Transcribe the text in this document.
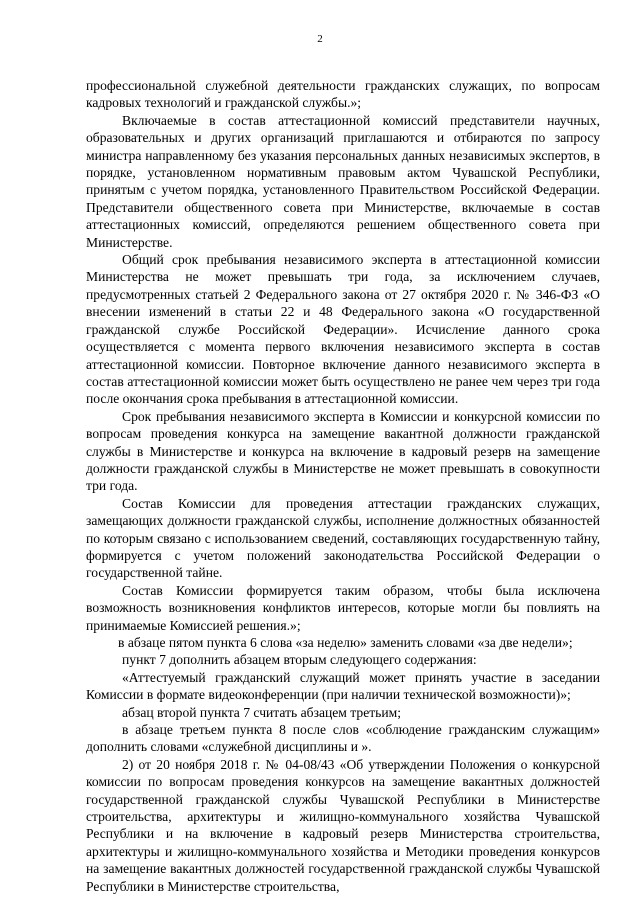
2

профессиональной служебной деятельности гражданских служащих, по вопросам кадровых технологий и гражданской службы.»;

Включаемые в состав аттестационной комиссий представители научных, образовательных и других организаций приглашаются и отбираются по запросу министра направленному без указания персональных данных независимых экспертов, в порядке, установленном нормативным правовым актом Чувашской Республики, принятым с учетом порядка, установленного Правительством Российской Федерации. Представители общественного совета при Министерстве, включаемые в состав аттестационных комиссий, определяются решением общественного совета при Министерстве.

Общий срок пребывания независимого эксперта в аттестационной комиссии Министерства не может превышать три года, за исключением случаев, предусмотренных статьей 2 Федерального закона от 27 октября 2020 г. № 346-ФЗ «О внесении изменений в статьи 22 и 48 Федерального закона «О государственной гражданской службе Российской Федерации». Исчисление данного срока осуществляется с момента первого включения независимого эксперта в состав аттестационной комиссии. Повторное включение данного независимого эксперта в состав аттестационной комиссии может быть осуществлено не ранее чем через три года после окончания срока пребывания в аттестационной комиссии.

Срок пребывания независимого эксперта в Комиссии и конкурсной комиссии по вопросам проведения конкурса на замещение вакантной должности гражданской службы в Министерстве и конкурса на включение в кадровый резерв на замещение должности гражданской службы в Министерстве не может превышать в совокупности три года.

Состав Комиссии для проведения аттестации гражданских служащих, замещающих должности гражданской службы, исполнение должностных обязанностей по которым связано с использованием сведений, составляющих государственную тайну, формируется с учетом положений законодательства Российской Федерации о государственной тайне.

Состав Комиссии формируется таким образом, чтобы была исключена возможность возникновения конфликтов интересов, которые могли бы повлиять на принимаемые Комиссией решения.»;

в абзаце пятом пункта 6 слова «за неделю» заменить словами «за две недели»;

пункт 7 дополнить абзацем вторым следующего содержания:

«Аттестуемый гражданский служащий может принять участие в заседании Комиссии в формате видеоконференции (при наличии технической возможности)»;

абзац второй пункта 7 считать абзацем третьим;

в абзаце третьем пункта 8 после слов «соблюдение гражданским служащим» дополнить словами «служебной дисциплины и ».

2) от 20 ноября 2018 г. № 04-08/43 «Об утверждении Положения о конкурсной комиссии по вопросам проведения конкурсов на замещение вакантных должностей государственной гражданской службы Чувашской Республики в Министерстве строительства, архитектуры и жилищно-коммунального хозяйства Чувашской Республики и на включение в кадровый резерв Министерства строительства, архитектуры и жилищно-коммунального хозяйства и Методики проведения конкурсов на замещение вакантных должностей государственной гражданской службы Чувашской Республики в Министерстве строительства,
